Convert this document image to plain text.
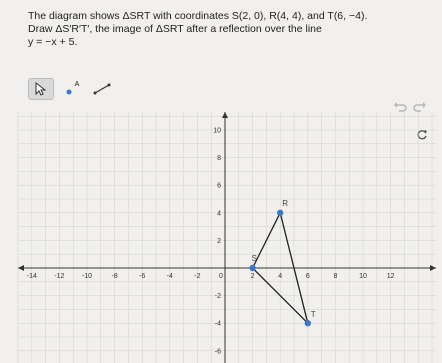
The diagram shows ΔSRT with coordinates S(2, 0), R(4, 4), and T(6, −4).

Draw ΔS′R′T′, the image of ΔSRT after a reflection over the line

y = −x + 5.

A
-14 -12 -10	-8	-6	-4	-2	0	2	4	6	8	10	12
10
8
6
4
2
-2
-4
-6
S
R
T
